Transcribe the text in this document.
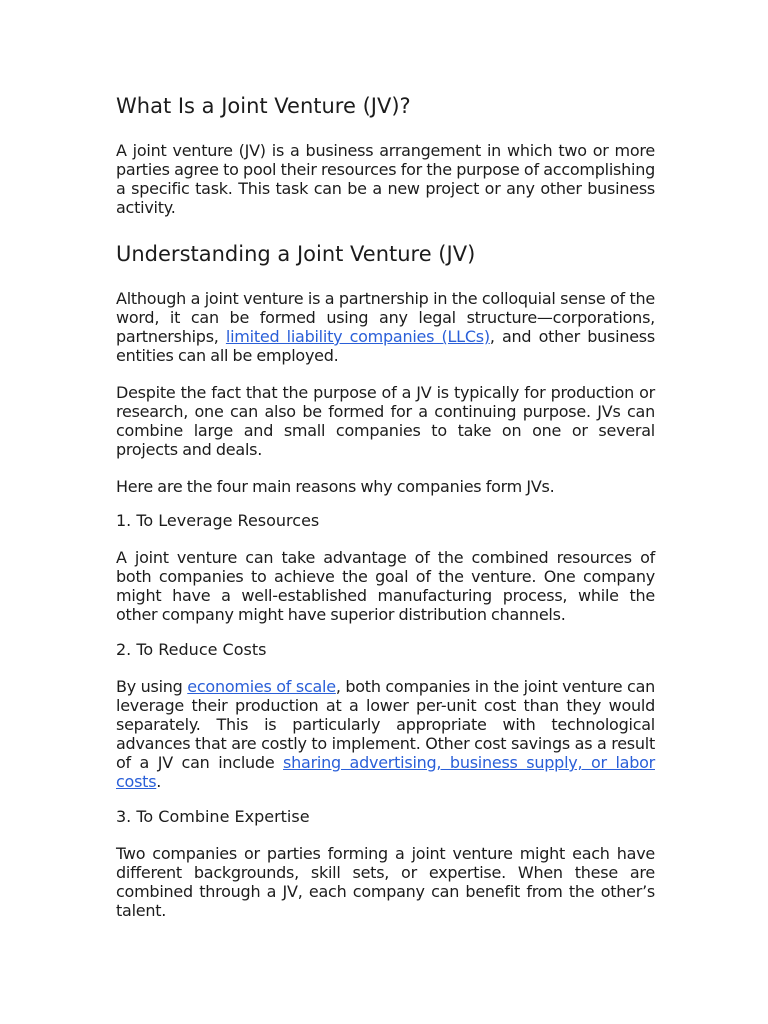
What Is a Joint Venture (JV)?

A joint venture (JV) is a business arrangement in which two or more parties agree to pool their resources for the purpose of accomplishing a specific task. This task can be a new project or any other business activity.

Understanding a Joint Venture (JV)

Although a joint venture is a partnership in the colloquial sense of the word, it can be formed using any legal structure—corporations, partnerships, limited liability companies (LLCs), and other business entities can all be employed.

Despite the fact that the purpose of a JV is typically for production or research, one can also be formed for a continuing purpose. JVs can combine large and small companies to take on one or several projects and deals.

Here are the four main reasons why companies form JVs.

1. To Leverage Resources

A joint venture can take advantage of the combined resources of both companies to achieve the goal of the venture. One company might have a well-established manufacturing process, while the other company might have superior distribution channels.

2. To Reduce Costs

By using economies of scale, both companies in the joint venture can leverage their production at a lower per-unit cost than they would separately. This is particularly appropriate with technological advances that are costly to implement. Other cost savings as a result of a JV can include sharing advertising, business supply, or labor costs.

3. To Combine Expertise

Two companies or parties forming a joint venture might each have different backgrounds, skill sets, or expertise. When these are combined through a JV, each company can benefit from the other’s talent.
